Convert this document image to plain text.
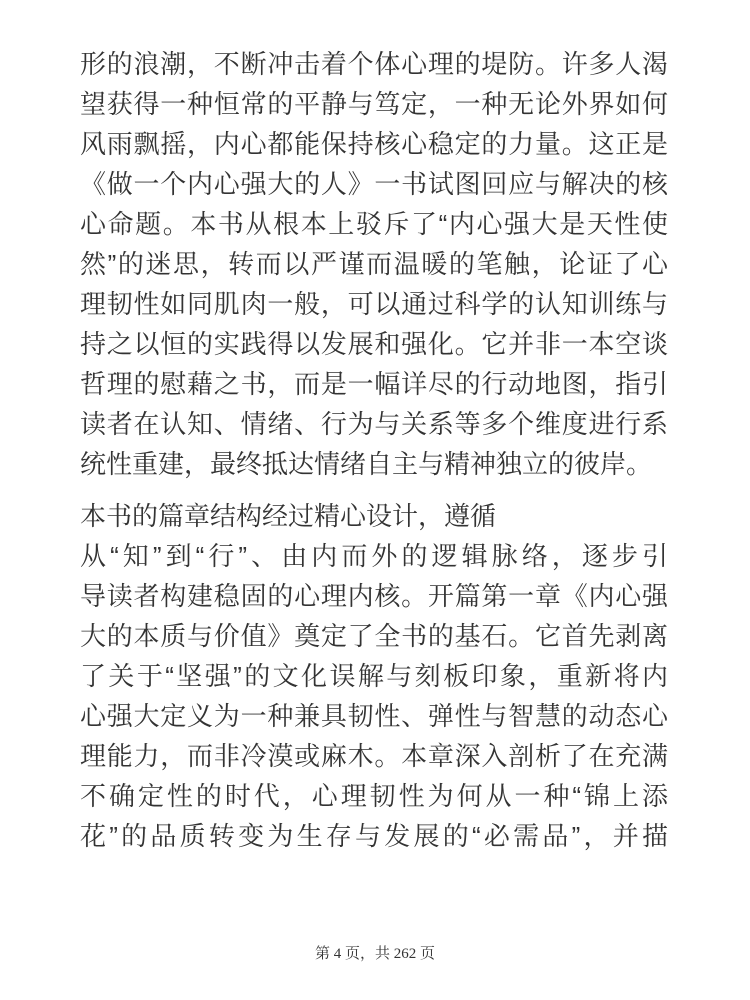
形的浪潮，不断冲击着个体心理的堤防。许多人渴
望获得一种恒常的平静与笃定，一种无论外界如何
风雨飘摇，内心都能保持核心稳定的力量。这正是
《做一个内心强大的人》一书试图回应与解决的核
心命题。本书从根本上驳斥了“内心强大是天性使
然”的迷思，转而以严谨而温暖的笔触，论证了心
理韧性如同肌肉一般，可以通过科学的认知训练与
持之以恒的实践得以发展和强化。它并非一本空谈
哲理的慰藉之书，而是一幅详尽的行动地图，指引
读者在认知、情绪、行为与关系等多个维度进行系
统性重建，最终抵达情绪自主与精神独立的彼岸。

本书的篇章结构经过精心设计，遵循
从“知”到“行”、由内而外的逻辑脉络，逐步引
导读者构建稳固的心理内核。开篇第一章《内心强
大的本质与价值》奠定了全书的基石。它首先剥离
了关于“坚强”的文化误解与刻板印象，重新将内
心强大定义为一种兼具韧性、弹性与智慧的动态心
理能力，而非冷漠或麻木。本章深入剖析了在充满
不确定性的时代，心理韧性为何从一种“锦上添
花”的品质转变为生存与发展的“必需品”，并描

第 4 页，共 262 页
